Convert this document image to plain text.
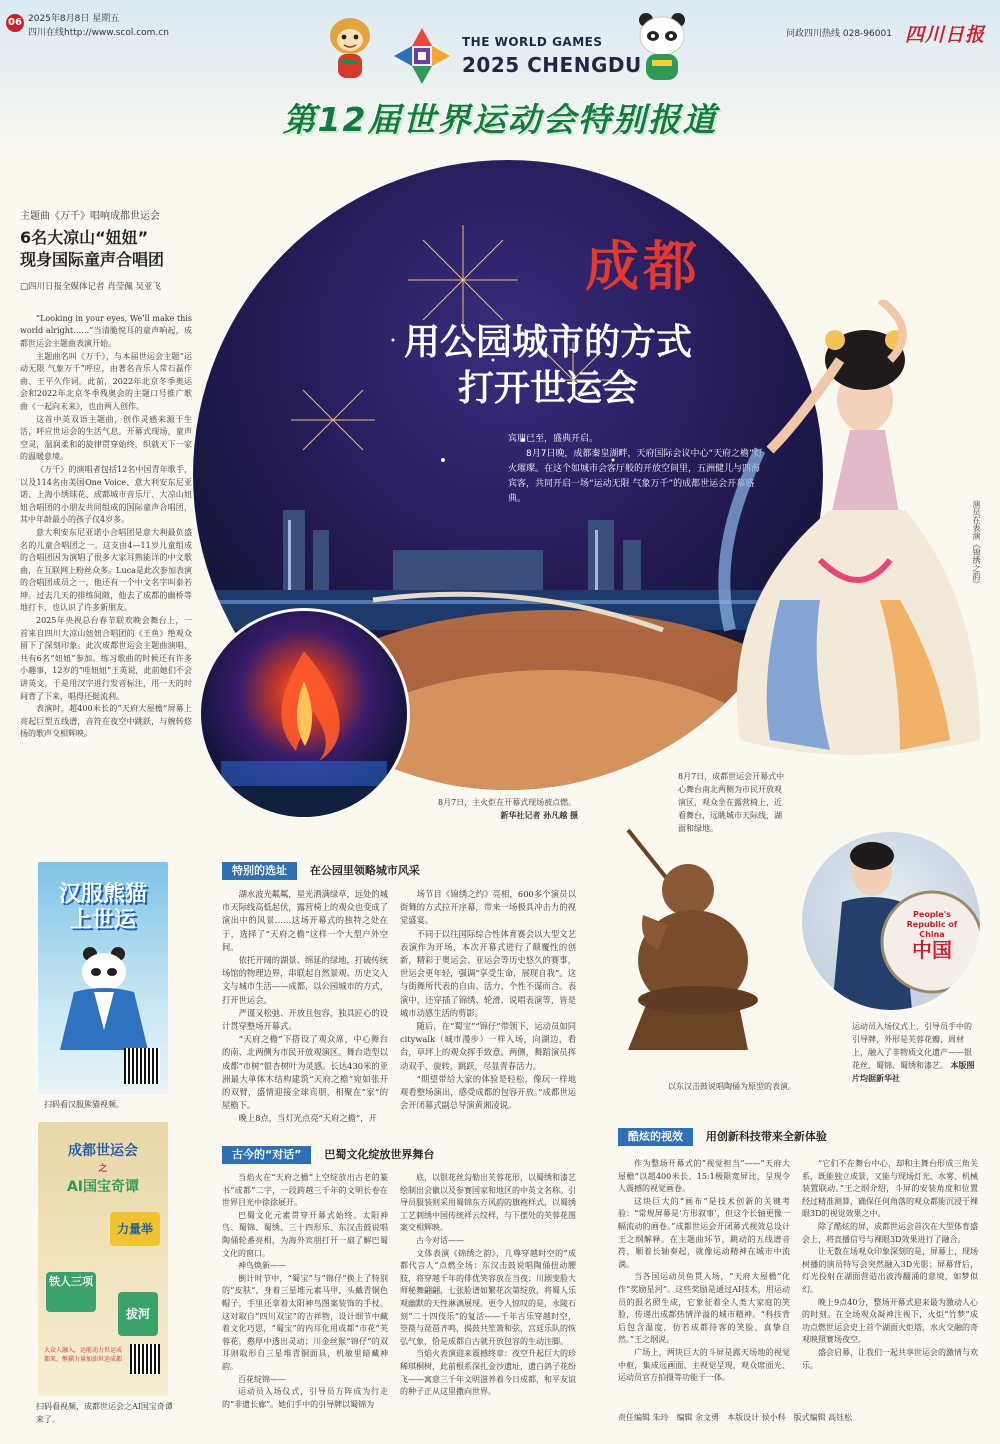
06 2025年8月8日 星期五
四川在线http://www.scol.com.cn	问政四川热线 028-96001 四川日报
THE WORLD GAMES
2025 CHENGDU
第12届世界运动会特别报道
成都
用公园城市的方式
打开世运会
宾朋已至，盛典开启。
　　8月7日晚，成都秦皇湖畔，天府国际会议中心“天府之檐”灯火璀璨。在这个如城市会客厅般的开放空间里，五洲健儿与四海宾客，共同开启一场“运动无限 气象万千”的成都世运会开幕盛典。
8月7日，主火炬在开幕式现场被点燃。
新华社记者 孙凡越 摄
8月7日，成都世运会开幕式中心舞台南北两侧为市民开放观演区，观众坐在露营椅上，近看舞台，远眺城市天际线，湖面和绿地。
演员在表演《锦绣之韵》
主题曲《万千》唱响成都世运会
6名大凉山“妞妞”
现身国际童声合唱团
□四川日报全媒体记者 肖莹佩 吴亚飞

“Looking in your eyes, We’ll make this world alright……”当清脆悦耳的童声响起，成都世运会主题曲表演开始。

主题曲名叫《万千》，与本届世运会主题“运动无限 气象万千”呼应，由著名音乐人常石磊作曲、王平久作词。此前，2022年北京冬季奥运会和2022年北京冬季残奥会的主题口号推广歌曲《一起向未来》，也由两人创作。

这首中英双语主题曲，创作灵感来源于生活，呼应世运会的生活气息。开幕式现场，童声空灵，温润柔和的旋律贯穿始终，织就天下一家的温暖意境。

《万千》的演唱者包括12名中国青年歌手，以及114名由美国One Voice、意大利安东尼亚诺、上海小绣球花、成都城市音乐厅、大凉山妞妞合唱团的小朋友共同组成的国际童声合唱团，其中年龄最小的孩子仅4岁多。

意大利安东尼亚诺小合唱团是意大利最负盛名的儿童合唱团之一。这支由4—11岁儿童组成的合唱团因为演唱了很多大家耳熟能详的中文歌曲，在互联网上粉丝众多。Luca是此次参加表演的合唱团成员之一，他还有一个中文名字叫泰若坤。过去几天的排练间隙，他去了成都的幽桥等地打卡，也认识了许多新朋友。

2025年央视总台春节联欢晚会舞台上，一首来自四川大凉山妞妞合唱团的《王鱼》绝观众留下了深刻印象。此次成都世运会主题曲演唱，共有6名“妞妞”参加。练习歌曲的时候还有许多小趣事，12岁的“哇妞妞”王英说，此前她们不会讲英文，于是用汉字进行发音标注，用一天的时间背了下来，唱得还挺流利。

表演时，超400米长的“天府大屋檐”屏幕上亮起巨型五线谱，音符在夜空中跳跃，与婉转悠扬的歌声交相辉映。

汉服熊猫
上世运
扫码看汉服熊猫视频。
成都世运会
之
AI国宝奇谭
力量举
铁人三项
拔河
大众人融入，运能动力世运成都来，熊猫力量加油世运成都
扫码看视频，成都世运会之AI国宝奇谭来了。
特别的选址 在公园里领略城市风采

湖水波光粼粼，星光洒满绿草，远处的城市天际线高低起伏，露营椅上的观众也变成了演出中的风景……这场开幕式的独特之处在于，选择了“天府之檐”这样一个大型户外空间。

依托开阔的湖景、绵延的绿地，打破传统场馆的物理边界，串联起自然景观、历史文人文与城市生活——成都，以公园城市的方式，打开世运会。

严谨又松弛、开放且包容，独具匠心的设计贯穿整场开幕式。

“天府之檐”下搭设了观众席，中心舞台的南、北两侧为市民开放观演区。舞台造型以成都“市树”银杏树叶为灵感。长达430米的亚洲最大单体木结构建筑“天府之檐”宛如张开的双臂，盛情迎接全球宾朋，相聚在“家”的屋檐下。

晚上8点，当灯光点亮“天府之檐”，开

场节目《锦绣之约》亮相，600多个演员以街舞的方式拉开序幕，带来一场极具冲击力的视觉盛宴。

不同于以往国际综合性体育赛会以大型文艺表演作为开场，本次开幕式进行了颠覆性的创新，精彩于奥运会、亚运会等历史悠久的赛事，世运会更年轻，强调“享受生命，展现自我”。这与街舞所代表的自由、活力、个性不谋而合。表演中，还穿插了锦绣、轮滑、说唱表演等，皆是城市动感生活的剪影。

随后，在“蜀宝”“锦仔”带领下，运动员如同citywalk（城市漫步）一样入场，向湖边，看台，草坪上的观众挥手致意。两侧，舞蹈演员挥动双手，旋转，跳跃，尽显青春活力。

“期望带给大家的体验是轻松，像玩一样地观看整场演出，感受成都的包容开放。”成都世运会开闭幕式副总导演黄湘凌说。

古今的“对话” 巴蜀文化绽放世界舞台

当焰火在“天府之檐”上空绽放出古老的篆书“成都”二字，一段跨越三千年的文明长卷在世界目光中徐徐展开。

巴蜀文化元素贯穿开幕式始终。太阳神鸟、蜀锦、蜀绣、三十四形乐、东汉击鼓说唱陶俑轮番亮相，为海外宾朋打开一扇了解巴蜀文化的窗口。

神鸟焕新——

倒计时节中，“蜀宝”与“锦仔”换上了特别的“皮肤”，身着三星堆元素马甲，头戴青铜色帽子，手里还拿着太阳神鸟图案装饰的手杖。这对取自“四川双宝”的吉祥物，设计细节中藏着文化巧思，“蜀宝”的内耳化用成都“市花”芙蓉花，憨厚中透出灵动；川金丝猴“锦仔”的双耳则取形自三星堆青铜面具，机敏里暗藏神韵。

百花绽锦——

运动员入场仪式，引导员方阵成为行走的“非遗长廊”。她们手中的引导牌以蜀锦为

底，以银花丝勾勒出芙蓉花形，以蜀绣和漆艺绘制出会徽以及参赛国家和地区的中英文名称。引导员服装则采用蜀锦东方风韵的旗袍样式，以蜀绣工艺刺绣中国传统祥云纹样，与下摆处的芙蓉花图案交相辉映。

古今对话——

文体表演《锦绣之韵》，几尊穿越时空的“成都代言人”点燃全场：东汉击鼓说唱陶俑扭动腰肢，将穿越千年的俳优笑容放在当夜；川剧变脸大师秘舞翩翩，七张脸谱如繁花次第绽放，将蜀人乐观幽默的天性淋漓展现。更令人惊叹的是，永陵石刻“二十四伎乐”的复活——千年古乐穿越时空，箜篌与琵琶齐鸣，揭鼓共笙箫和弦，宫廷乐队的恢弘气象，恰是成都自古就开放包容的生动注脚。

当焰火表演迎来震撼终章：夜空升起巨大的珍稀琪桐树，此前根系深扎金沙遗址，遗白鸽子花纷飞——寓意三千年文明滋养着今日成都，和平友谊的种子正从这里撒向世界。

以东汉击鼓说唱陶俑为原型的表演。
People's Republic of China
中国
运动员入场仪式上，引导员手中的引导牌，外形是芙蓉花瓣，周材上，融入了非物质文化遗产——银花丝、蜀锦、蜀绣和漆艺。 本版图片均据新华社
酷炫的视效 用创新科技带来全新体验

作为整场开幕式的“视觉担当”——“天府大屋檐”以超400米长、15:1极限宽屏比，呈现令人震撼的视觉画卷。

这块巨大的“画布”是技术创新的关键考验：“常规屏幕是‘方形叙事’，但这个长轴更像一幅流动的画卷。”成都世运会开闭幕式视效总设计王之纲解释。在主题曲环节，跳动的五线谱音符，顺着长轴奏起，就像运动精神在城市中流淌。

当各国运动员鱼贯入场，“天府大屋檐”化作“奖励星河”。这些奖励是通过AI技术，用运动员的报名照生成，它象征着全人类大家庭的笑脸，传递出成都热情洋溢的城市精神。“科技背后包含温度，仿若成都待客的笑脸，真挚自然。”王之纲说。

广场上，两块巨大的斗屏是露天场地的视觉中枢，集成远画面、主视觉呈现，观众席面光、运动员官方拍摄等功能于一体。

“它们不在舞台中心，却和主舞台形成三角关系，既能独立成景，又能与现场灯光、水雾、机械装置联动。”王之纲介绍，斗屏的安装角度和位置经过精准测算，确保任何角落的观众都能沉浸于裸眼3D的视觉效果之中。

除了酷炫的屏，成都世运会首次在大型体育盛会上，将直播信号与裸眼3D效果进行了融合。

让无数在场观众印象深刻的是，屏幕上，现场树播的演员特写会突然融入3D光影；屏幕背后，灯光投射在湖面营造出波涛翻涌的意境，如梦似幻。

晚上9点40分，整场开幕式迎来最为激动人心的时刻。在全场观众凝神注视下，火炬“竹梦”成功点燃世运会史上首个湖面火炬塔，水火交融的奇观映照赛场夜空。

盛会启幕，让我们一起共享世运会的激情与欢乐。

责任编辑 朱玲　编辑 余文勇　本版设计 侯小科　版式编辑 高钰松
